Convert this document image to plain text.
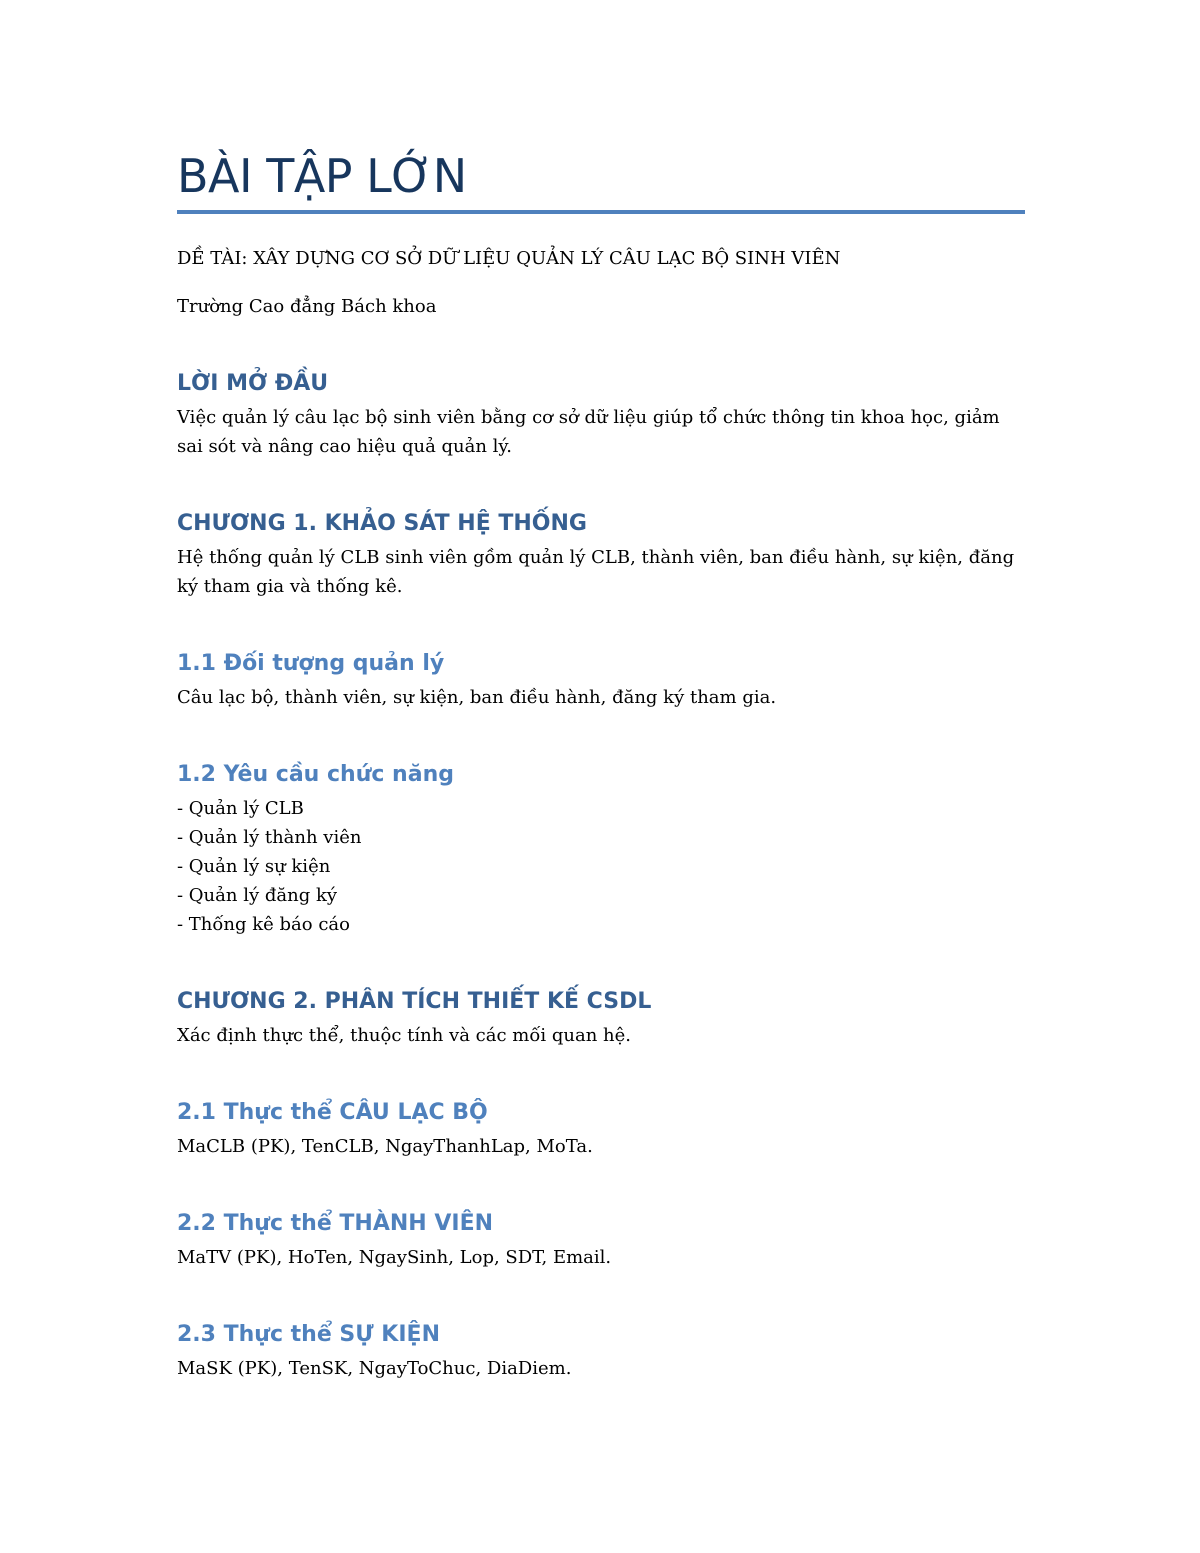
BÀI TẬP LỚN

DỀ TÀI: XÂY DỰNG CƠ SỞ DỮ LIỆU QUẢN LÝ CÂU LẠC BỘ SINH VIÊN

Trường Cao đẳng Bách khoa

LỜI MỞ ĐẦU

Việc quản lý câu lạc bộ sinh viên bằng cơ sở dữ liệu giúp tổ chức thông tin khoa học, giảm sai sót và nâng cao hiệu quả quản lý.

CHƯƠNG 1. KHẢO SÁT HỆ THỐNG

Hệ thống quản lý CLB sinh viên gồm quản lý CLB, thành viên, ban điều hành, sự kiện, đăng ký tham gia và thống kê.

1.1 Đối tượng quản lý

Câu lạc bộ, thành viên, sự kiện, ban điều hành, đăng ký tham gia.

1.2 Yêu cầu chức năng
- Quản lý CLB
- Quản lý thành viên
- Quản lý sự kiện
- Quản lý đăng ký
- Thống kê báo cáo
CHƯƠNG 2. PHÂN TÍCH THIẾT KẾ CSDL

Xác định thực thể, thuộc tính và các mối quan hệ.

2.1 Thực thể CÂU LẠC BỘ

MaCLB (PK), TenCLB, NgayThanhLap, MoTa.

2.2 Thực thể THÀNH VIÊN

MaTV (PK), HoTen, NgaySinh, Lop, SDT, Email.

2.3 Thực thể SỰ KIỆN

MaSK (PK), TenSK, NgayToChuc, DiaDiem.
